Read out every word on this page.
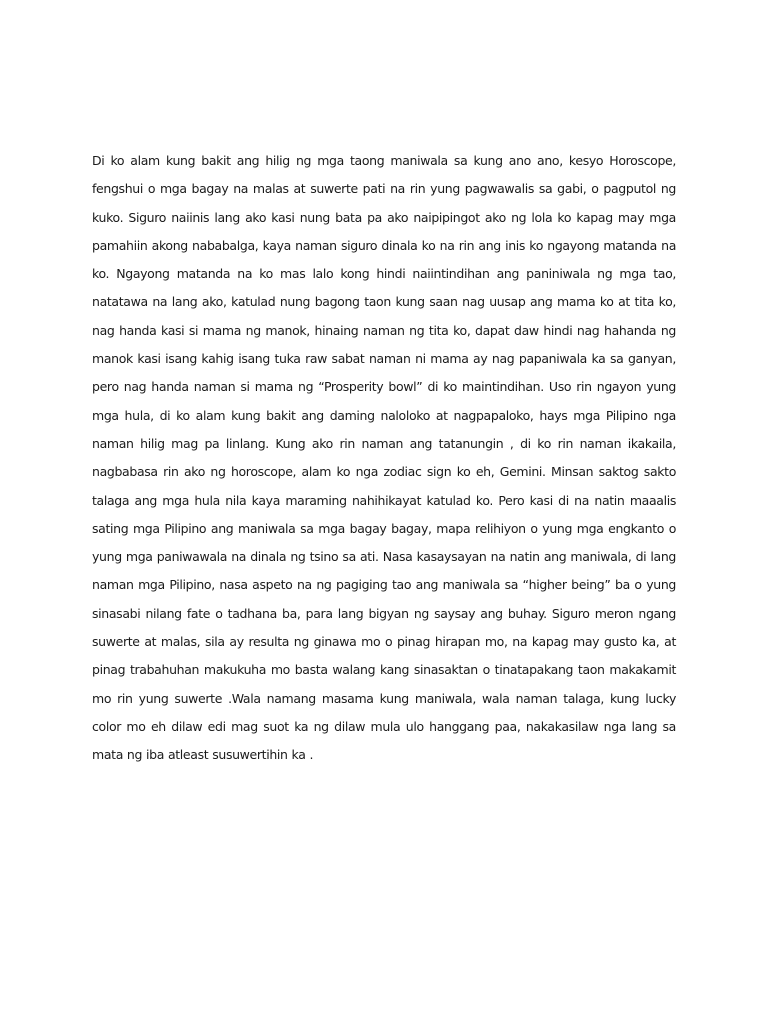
Di ko alam kung bakit ang hilig ng mga taong maniwala sa kung ano ano, kesyo Horoscope, fengshui o mga bagay na malas at suwerte pati na rin yung pagwawalis sa gabi, o pagputol ng kuko. Siguro naiinis lang ako kasi nung bata pa ako naipipingot ako ng lola ko kapag may mga pamahiin akong nababalga, kaya naman siguro dinala ko na rin ang inis ko ngayong matanda na ko. Ngayong matanda na ko mas lalo kong hindi naiintindihan ang paniniwala ng mga tao, natatawa na lang ako, katulad nung bagong taon kung saan nag uusap ang mama ko at tita ko, nag handa kasi si mama ng manok, hinaing naman ng tita ko, dapat daw hindi nag hahanda ng manok kasi isang kahig isang tuka raw sabat naman ni mama ay nag papaniwala ka sa ganyan, pero nag handa naman si mama ng “Prosperity bowl” di ko maintindihan. Uso rin ngayon yung mga hula, di ko alam kung bakit ang daming naloloko at nagpapaloko, hays mga Pilipino nga naman hilig mag pa linlang. Kung ako rin naman ang tatanungin , di ko rin naman ikakaila, nagbabasa rin ako ng horoscope, alam ko nga zodiac sign ko eh, Gemini. Minsan saktog sakto talaga ang mga hula nila kaya maraming nahihikayat katulad ko. Pero kasi di na natin maaalis sating mga Pilipino ang maniwala sa mga bagay bagay, mapa relihiyon o yung mga engkanto o yung mga paniwawala na dinala ng tsino sa ati. Nasa kasaysayan na natin ang maniwala, di lang naman mga Pilipino, nasa aspeto na ng pagiging tao ang maniwala sa “higher being” ba o yung sinasabi nilang fate o tadhana ba, para lang bigyan ng saysay ang buhay. Siguro meron ngang suwerte at malas, sila ay resulta ng ginawa mo o pinag hirapan mo, na kapag may gusto ka, at pinag trabahuhan makukuha mo basta walang kang sinasaktan o tinatapakang taon makakamit mo rin yung suwerte .Wala namang masama kung maniwala, wala naman talaga, kung lucky color mo eh dilaw edi mag suot ka ng dilaw mula ulo hanggang paa, nakakasilaw nga lang sa mata ng iba atleast susuwertihin ka .
